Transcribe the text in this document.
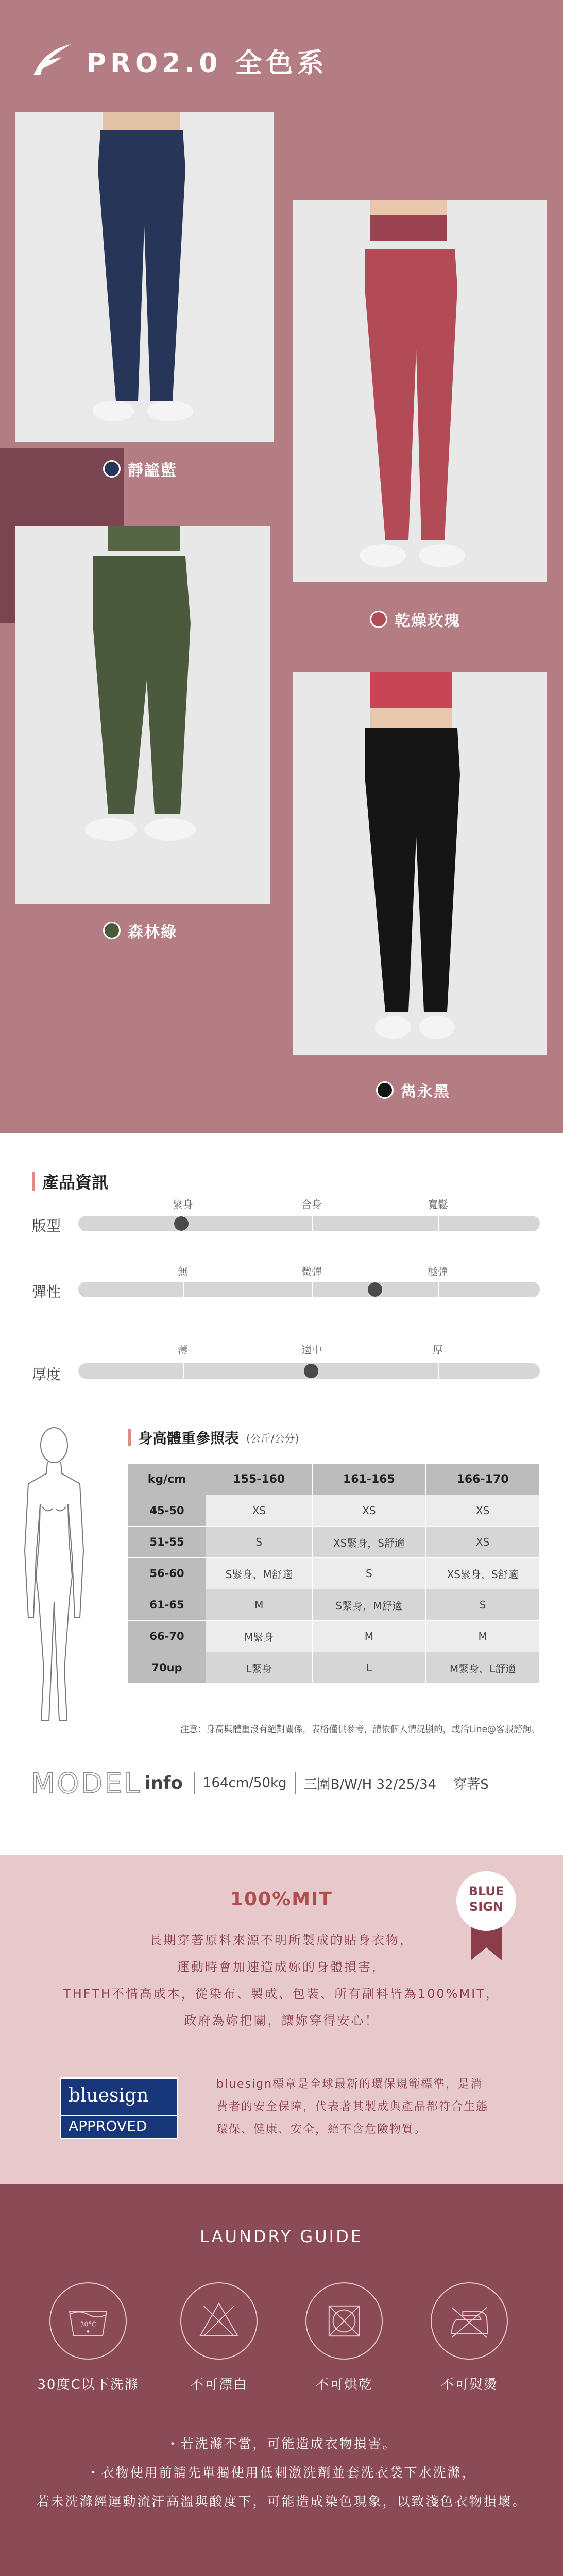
PRO2.0 全色系
靜謐藍
乾燥玫瑰
森林綠
雋永黑
產品資訊
版型
緊身	合身	寬鬆
彈性
無	微彈	極彈
厚度
薄	適中	厚
身高體重參照表 (公斤/公分)
kg/cm	155-160	161-165	166-170
45-50	XS	XS	XS
51-55	S	XS緊身，S舒適	XS
56-60	S緊身，M舒適	S	XS緊身，S舒適
61-65	M	S緊身，M舒適	S
66-70	M緊身	M	M
70up	L緊身	L	M緊身，L舒適
注意：身高與體重沒有絕對關係，表格僅供參考，請依個人情況斟酌，或洽Line@客服諮詢。
MODEL info 164cm/50kg 三圍B/W/H 32/25/34 穿著S
100%MIT	BLUE
SIGN
長期穿著原料來源不明所製成的貼身衣物，
運動時會加速造成妳的身體損害，
THFTH不惜高成本，從染布、製成、包裝、所有副料皆為100%MIT，
政府為妳把關，讓妳穿得安心！
bluesign
APPROVED
bluesign標章是全球最新的環保規範標準，是消
費者的安全保障，代表著其製成與產品都符合生態
環保、健康、安全，絕不含危險物質。
LAUNDRY GUIDE
30°C
30度C以下洗滌	不可漂白	不可烘乾	不可熨燙
・若洗滌不當，可能造成衣物損害。
・衣物使用前請先單獨使用低刺激洗劑並套洗衣袋下水洗滌，
若未洗滌經運動流汗高溫與酸度下，可能造成染色現象，以致淺色衣物損壞。
